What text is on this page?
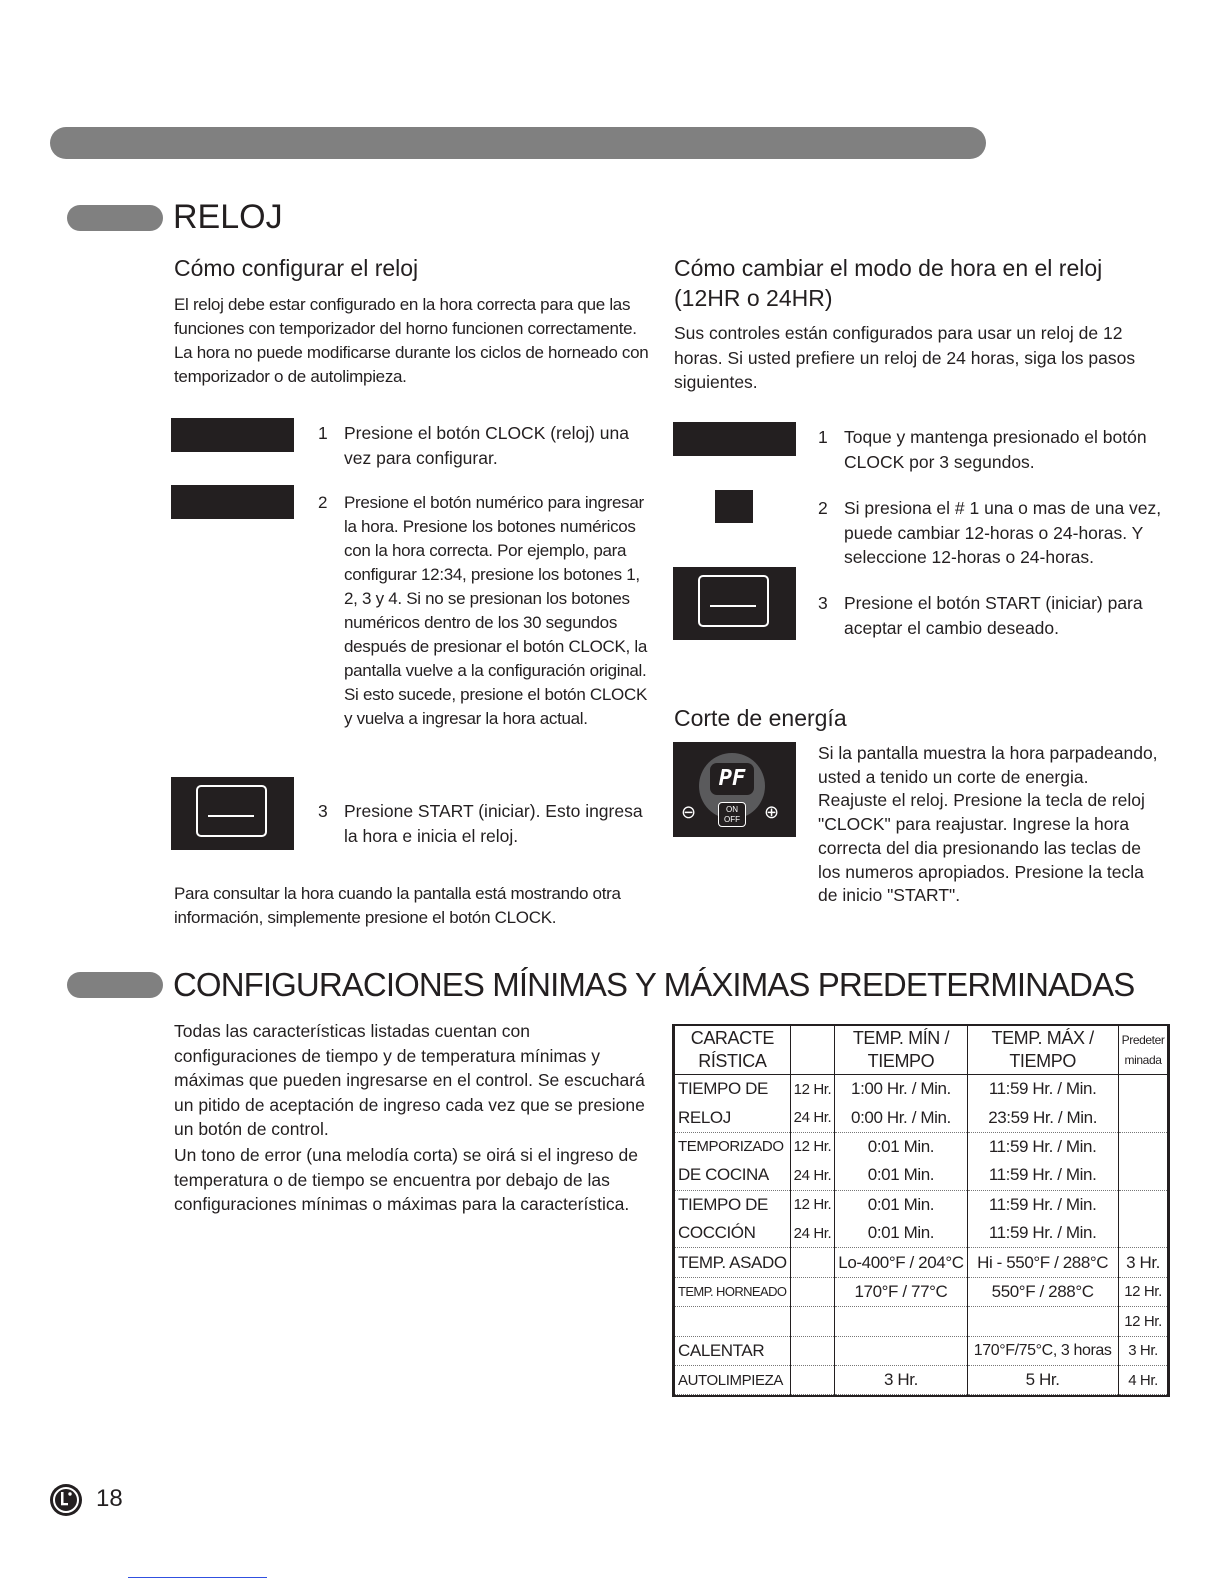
RELOJ
Cómo configurar el reloj
El reloj debe estar configurado en la hora correcta para que las funciones con temporizador del horno funcionen correctamente. La hora no puede modificarse durante los ciclos de horneado con temporizador o de autolimpieza.
1 Presione el botón CLOCK (reloj) una vez para configurar.
2 Presione el botón numérico para ingresar la hora. Presione los botones numéricos con la hora correcta. Por ejemplo, para configurar 12:34, presione los botones 1, 2, 3 y 4. Si no se presionan los botones numéricos dentro de los 30 segundos después de presionar el botón CLOCK, la pantalla vuelve a la configuración original. Si esto sucede, presione el botón CLOCK y vuelva a ingresar la hora actual.
3 Presione START (iniciar). Esto ingresa la hora e inicia el reloj.
Para consultar la hora cuando la pantalla está mostrando otra información, simplemente presione el botón CLOCK.
Cómo cambiar el modo de hora en el reloj (12HR o 24HR)
Sus controles están configurados para usar un reloj de 12 horas. Si usted prefiere un reloj de 24 horas, siga los pasos siguientes.
1 Toque y mantenga presionado el botón CLOCK por 3 segundos.
2 Si presiona el # 1 una o mas de una vez, puede cambiar 12-horas o 24-horas. Y seleccione 12-horas o 24-horas.
3 Presione el botón START (iniciar) para aceptar el cambio deseado.
Corte de energía
PF
ON
OFF
⊖	⊕
Si la pantalla muestra la hora parpadeando, usted a tenido un corte de energia. Reajuste el reloj. Presione la tecla de reloj "CLOCK" para reajustar. Ingrese la hora correcta del dia presionando las teclas de los numeros apropiados. Presione la tecla de inicio "START".
CONFIGURACIONES MÍNIMAS Y MÁXIMAS PREDETERMINADAS
Todas las características listadas cuentan con configuraciones de tiempo y de temperatura mínimas y máximas que pueden ingresarse en el control. Se escuchará un pitido de aceptación de ingreso cada vez que se presione un botón de control.
Un tono de error (una melodía corta) se oirá si el ingreso de temperatura o de tiempo se encuentra por debajo de las configuraciones mínimas o máximas para la característica.
CARACTE RÍSTICA		TEMP. MÍN / TIEMPO	TEMP. MÁX / TIEMPO	Predeter minada
TIEMPO DE	12 Hr.	1:00 Hr. / Min.	11:59 Hr. / Min.	
RELOJ	24 Hr.	0:00 Hr. / Min.	23:59 Hr. / Min.	
TEMPORIZADO	12 Hr.	0:01 Min.	11:59 Hr. / Min.	
DE COCINA	24 Hr.	0:01 Min.	11:59 Hr. / Min.	
TIEMPO DE	12 Hr.	0:01 Min.	11:59 Hr. / Min.	
COCCIÓN	24 Hr.	0:01 Min.	11:59 Hr. / Min.	
TEMP. ASADO		Lo-400°F / 204°C	Hi - 550°F / 288°C	3 Hr.
TEMP. HORNEADO		170°F / 77°C	550°F / 288°C	12 Hr.
				12 Hr.
CALENTAR			170°F/75°C, 3 horas	3 Hr.
AUTOLIMPIEZA		3 Hr.	5 Hr.	4 Hr.
18
